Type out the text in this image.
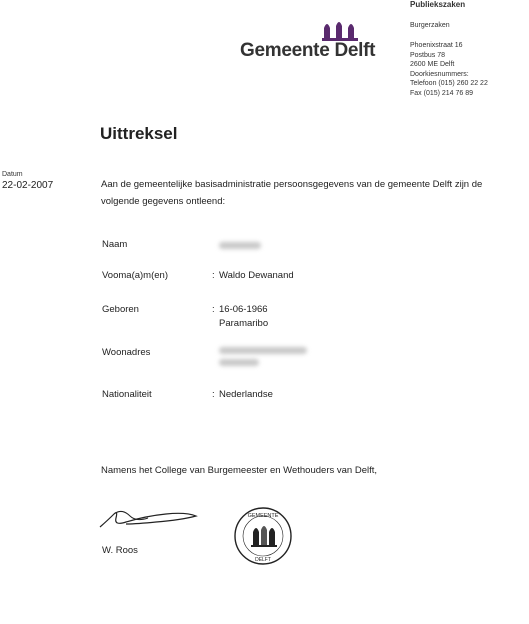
Gemeente Delft
Publiekszaken
Burgerzaken
Phoenixstraat 16
Postbus 78
2600 ME Delft
Doorkiesnummers:
Telefoon (015) 260 22 22
Fax (015) 214 76 89
Uittreksel
Datum
22-02-2007	Aan de gemeentelijke basisadministratie persoonsgegevens van de gemeente Delft zijn de volgende gegevens ontleend:
Naam
Vooma(a)m(en)	: Waldo Dewanand
Geboren	: 16-06-1966
Paramaribo
Woonadres
Nationaliteit	: Nederlandse
Namens het College van Burgemeester en Wethouders van Delft,
W. Roos
GEMEENTE
DELFT
